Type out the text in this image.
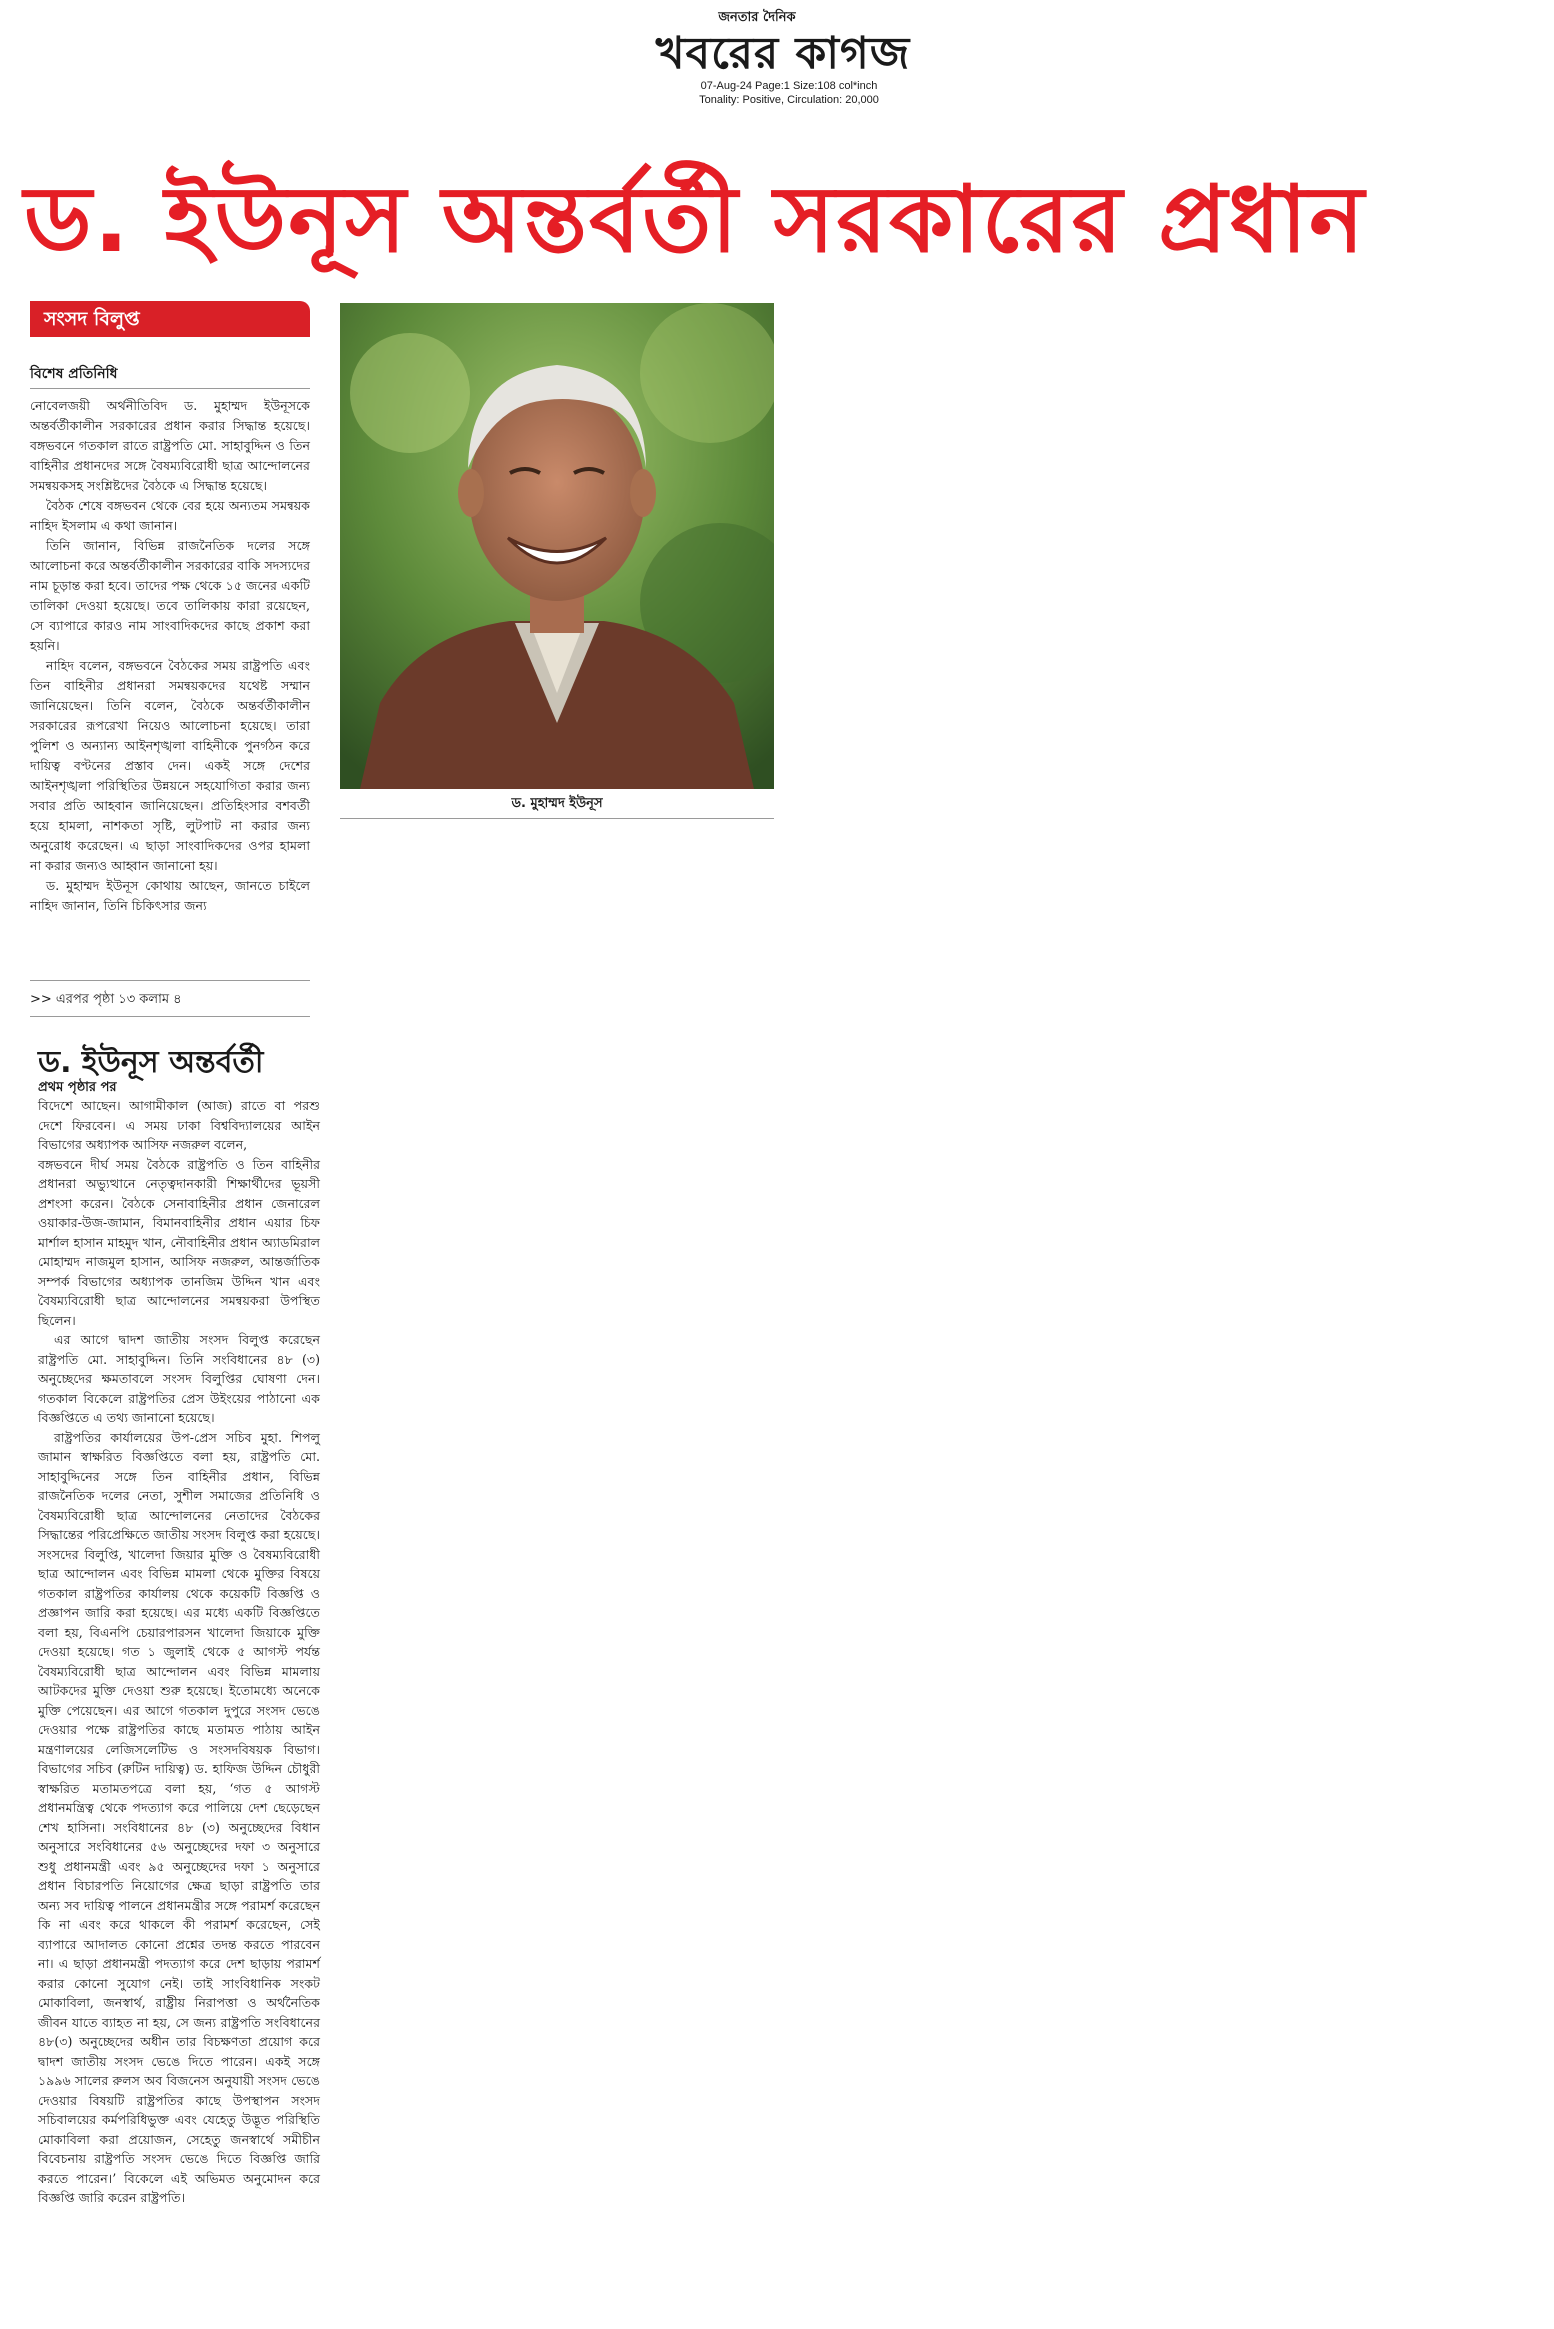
জনতার দৈনিক
খবরের কাগজ
07-Aug-24 Page:1 Size:108 col*inch
Tonality: Positive, Circulation: 20,000
ড. ইউনূস অন্তর্বর্তী সরকারের প্রধান
সংসদ বিলুপ্ত
বিশেষ প্রতিনিধি

নোবেলজয়ী অর্থনীতিবিদ ড. মুহাম্মদ ইউনূসকে অন্তর্বর্তীকালীন সরকারের প্রধান করার সিদ্ধান্ত হয়েছে। বঙ্গভবনে গতকাল রাতে রাষ্ট্রপতি মো. সাহাবুদ্দিন ও তিন বাহিনীর প্রধানদের সঙ্গে বৈষম্যবিরোধী ছাত্র আন্দোলনের সমন্বয়কসহ সংশ্লিষ্টদের বৈঠকে এ সিদ্ধান্ত হয়েছে।

বৈঠক শেষে বঙ্গভবন থেকে বের হয়ে অন্যতম সমন্বয়ক নাহিদ ইসলাম এ কথা জানান।

তিনি জানান, বিভিন্ন রাজনৈতিক দলের সঙ্গে আলোচনা করে অন্তর্বর্তীকালীন সরকারের বাকি সদস্যদের নাম চূড়ান্ত করা হবে। তাদের পক্ষ থেকে ১৫ জনের একটি তালিকা দেওয়া হয়েছে। তবে তালিকায় কারা রয়েছেন, সে ব্যাপারে কারও নাম সাংবাদিকদের কাছে প্রকাশ করা হয়নি।

নাহিদ বলেন, বঙ্গভবনে বৈঠকের সময় রাষ্ট্রপতি এবং তিন বাহিনীর প্রধানরা সমন্বয়কদের যথেষ্ট সম্মান জানিয়েছেন। তিনি বলেন, বৈঠকে অন্তর্বর্তীকালীন সরকারের রূপরেখা নিয়েও আলোচনা হয়েছে। তারা পুলিশ ও অন্যান্য আইনশৃঙ্খলা বাহিনীকে পুনর্গঠন করে দায়িত্ব বণ্টনের প্রস্তাব দেন। একই সঙ্গে দেশের আইনশৃঙ্খলা পরিস্থিতির উন্নয়নে সহযোগিতা করার জন্য সবার প্রতি আহবান জানিয়েছেন। প্রতিহিংসার বশবর্তী হয়ে হামলা, নাশকতা সৃষ্টি, লুটপাট না করার জন্য অনুরোধ করেছেন। এ ছাড়া সাংবাদিকদের ওপর হামলা না করার জন্যও আহ্বান জানানো হয়।

ড. মুহাম্মদ ইউনূস কোথায় আছেন, জানতে চাইলে নাহিদ জানান, তিনি চিকিৎসার জন্য

>> এরপর পৃষ্ঠা ১৩ কলাম ৪
ড. মুহাম্মদ ইউনূস
ড. ইউনূস অন্তর্বর্তী
প্রথম পৃষ্ঠার পর

বিদেশে আছেন। আগামীকাল (আজ) রাতে বা পরশু দেশে ফিরবেন। এ সময় ঢাকা বিশ্ববিদ্যালয়ের আইন বিভাগের অধ্যাপক আসিফ নজরুল বলেন,

বঙ্গভবনে দীর্ঘ সময় বৈঠকে রাষ্ট্রপতি ও তিন বাহিনীর প্রধানরা অভ্যুত্থানে নেতৃত্বদানকারী শিক্ষার্থীদের ভূয়সী প্রশংসা করেন। বৈঠকে সেনাবাহিনীর প্রধান জেনারেল ওয়াকার-উজ-জামান, বিমানবাহিনীর প্রধান এয়ার চিফ মার্শাল হাসান মাহমুদ খান, নৌবাহিনীর প্রধান অ্যাডমিরাল মোহাম্মদ নাজমুল হাসান, আসিফ নজরুল, আন্তর্জাতিক সম্পর্ক বিভাগের অধ্যাপক তানজিম উদ্দিন খান এবং বৈষম্যবিরোধী ছাত্র আন্দোলনের সমন্বয়করা উপস্থিত ছিলেন।

এর আগে দ্বাদশ জাতীয় সংসদ বিলুপ্ত করেছেন রাষ্ট্রপতি মো. সাহাবুদ্দিন। তিনি সংবিধানের ৪৮ (৩) অনুচ্ছেদের ক্ষমতাবলে সংসদ বিলুপ্তির ঘোষণা দেন। গতকাল বিকেলে রাষ্ট্রপতির প্রেস উইংয়ের পাঠানো এক বিজ্ঞপ্তিতে এ তথ্য জানানো হয়েছে।

রাষ্ট্রপতির কার্যালয়ের উপ-প্রেস সচিব মুহা. শিপলু জামান স্বাক্ষরিত বিজ্ঞপ্তিতে বলা হয়, রাষ্ট্রপতি মো. সাহাবুদ্দিনের সঙ্গে তিন বাহিনীর প্রধান, বিভিন্ন রাজনৈতিক দলের নেতা, সুশীল সমাজের প্রতিনিধি ও বৈষম্যবিরোধী ছাত্র আন্দোলনের নেতাদের বৈঠকের সিদ্ধান্তের পরিপ্রেক্ষিতে জাতীয় সংসদ বিলুপ্ত করা হয়েছে। সংসদের বিলুপ্তি, খালেদা জিয়ার মুক্তি ও বৈষম্যবিরোধী ছাত্র আন্দোলন এবং বিভিন্ন মামলা থেকে মুক্তির বিষয়ে গতকাল রাষ্ট্রপতির কার্যালয় থেকে কয়েকটি বিজ্ঞপ্তি ও প্রজ্ঞাপন জারি করা হয়েছে। এর মধ্যে একটি বিজ্ঞপ্তিতে বলা হয়, বিএনপি চেয়ারপারসন খালেদা জিয়াকে মুক্তি দেওয়া হয়েছে। গত ১ জুলাই থেকে ৫ আগস্ট পর্যন্ত বৈষম্যবিরোধী ছাত্র আন্দোলন এবং বিভিন্ন মামলায় আটকদের মুক্তি দেওয়া শুরু হয়েছে। ইতোমধ্যে অনেকে মুক্তি পেয়েছেন। এর আগে গতকাল দুপুরে সংসদ ভেঙে দেওয়ার পক্ষে রাষ্ট্রপতির কাছে মতামত পাঠায় আইন মন্ত্রণালয়ের লেজিসলেটিভ ও সংসদবিষয়ক বিভাগ। বিভাগের সচিব (রুটিন দায়িত্ব) ড. হাফিজ উদ্দিন চৌধুরী স্বাক্ষরিত মতামতপত্রে বলা হয়, ‘গত ৫ আগস্ট প্রধানমন্ত্রিত্ব থেকে পদত্যাগ করে পালিয়ে দেশ ছেড়েছেন শেখ হাসিনা। সংবিধানের ৪৮ (৩) অনুচ্ছেদের বিধান অনুসারে সংবিধানের ৫৬ অনুচ্ছেদের দফা ৩ অনুসারে শুধু প্রধানমন্ত্রী এবং ৯৫ অনুচ্ছেদের দফা ১ অনুসারে প্রধান বিচারপতি নিয়োগের ক্ষেত্র ছাড়া রাষ্ট্রপতি তার অন্য সব দায়িত্ব পালনে প্রধানমন্ত্রীর সঙ্গে পরামর্শ করেছেন কি না এবং করে থাকলে কী পরামর্শ করেছেন, সেই ব্যাপারে আদালত কোনো প্রশ্নের তদন্ত করতে পারবেন না। এ ছাড়া প্রধানমন্ত্রী পদত্যাগ করে দেশ ছাড়ায় পরামর্শ করার কোনো সুযোগ নেই। তাই সাংবিধানিক সংকট মোকাবিলা, জনস্বার্থ, রাষ্ট্রীয় নিরাপত্তা ও অর্থনৈতিক জীবন যাতে ব্যাহত না হয়, সে জন্য রাষ্ট্রপতি সংবিধানের ৪৮(৩) অনুচ্ছেদের অধীন তার বিচক্ষণতা প্রয়োগ করে দ্বাদশ জাতীয় সংসদ ভেঙে দিতে পারেন। একই সঙ্গে ১৯৯৬ সালের রুলস অব বিজনেস অনুযায়ী সংসদ ভেঙে দেওয়ার বিষয়টি রাষ্ট্রপতির কাছে উপস্থাপন সংসদ সচিবালয়ের কর্মপরিধিভুক্ত এবং যেহেতু উদ্ভূত পরিস্থিতি মোকাবিলা করা প্রয়োজন, সেহেতু জনস্বার্থে সমীচীন বিবেচনায় রাষ্ট্রপতি সংসদ ভেঙে দিতে বিজ্ঞপ্তি জারি করতে পারেন।’ বিকেলে এই অভিমত অনুমোদন করে বিজ্ঞপ্তি জারি করেন রাষ্ট্রপতি।
